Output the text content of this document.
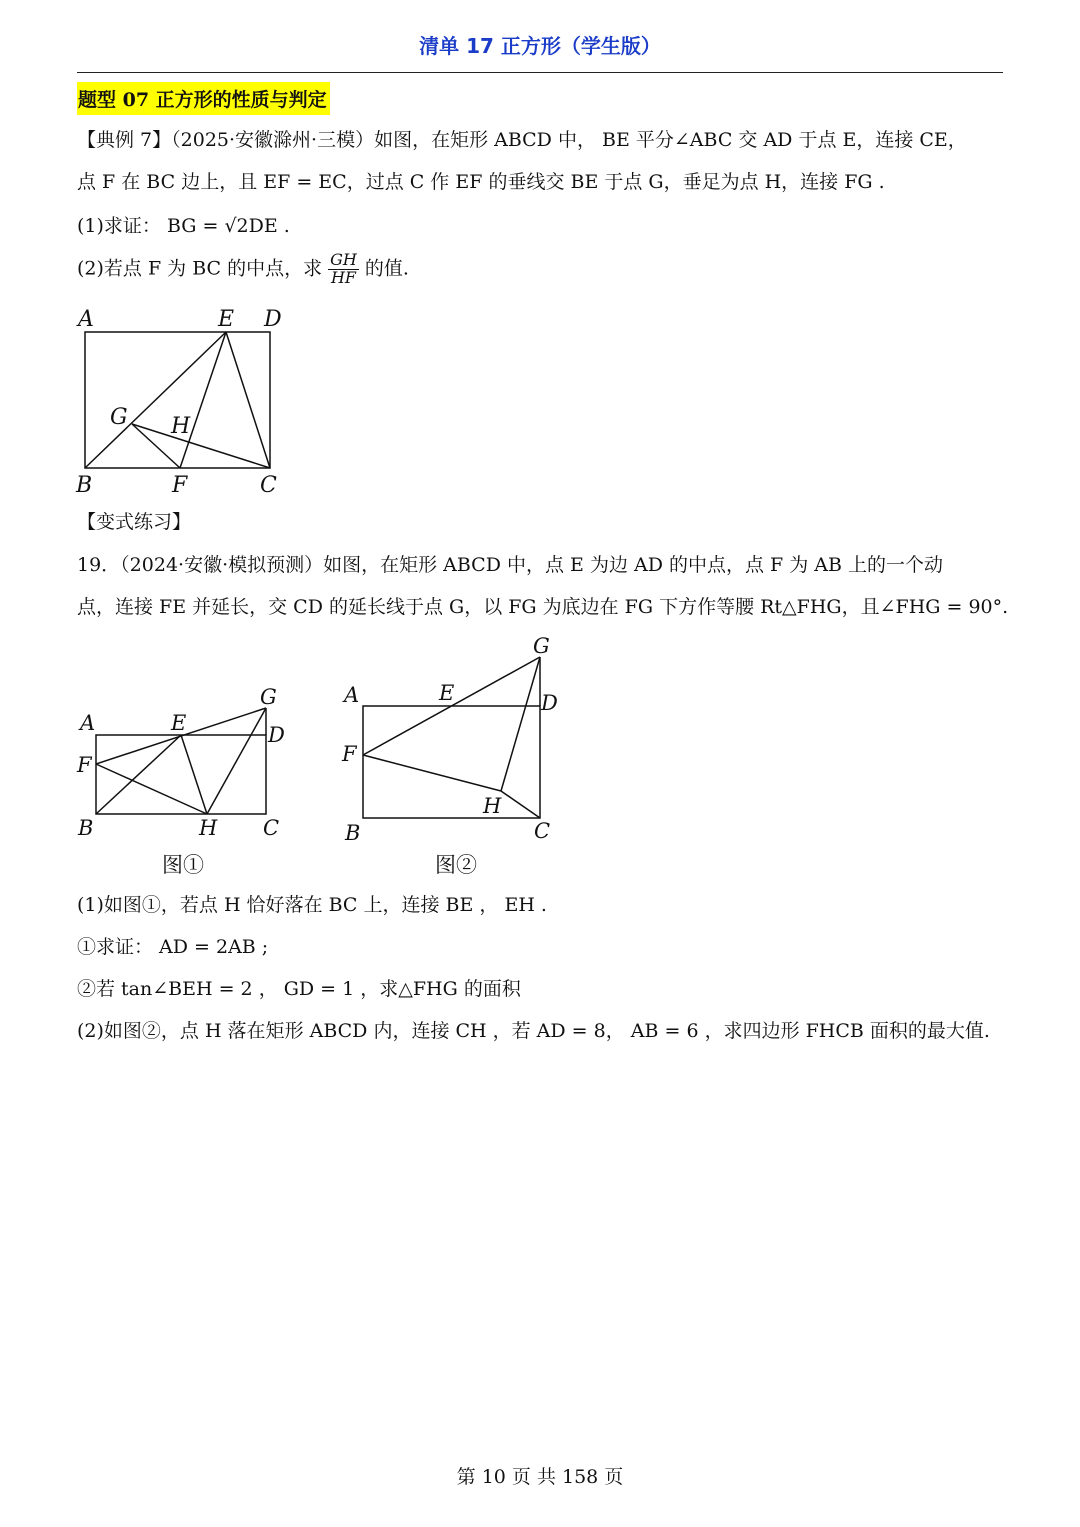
清单 17 正方形（学生版）
题型 07 正方形的性质与判定
【典例 7】（2025·安徽滁州·三模）如图，在矩形 ABCD 中， BE 平分∠ABC 交 AD 于点 E，连接 CE，
点 F 在 BC 边上，且 EF = EC，过点 C 作 EF 的垂线交 BE 于点 G，垂足为点 H，连接 FG .
(1)求证： BG = √2DE .
(2)若点 F 为 BC 的中点，求 $\frac{GH}{HF}$ 的值.
A	E D
G H
B	F	C
【变式练习】
19．（2024·安徽·模拟预测）如图，在矩形 ABCD 中，点 E 为边 AD 的中点，点 F 为 AB 上的一个动
点，连接 FE 并延长，交 CD 的延长线于点 G，以 FG 为底边在 FG 下方作等腰 Rt△FHG，且∠FHG = 90°.
A	E
G
D
F
B	H C
图①
A	E
G
D
F
H
B	C
图②
(1)如图①，若点 H 恰好落在 BC 上，连接 BE ， EH .
①求证： AD = 2AB ;
②若 tan∠BEH = 2 ， GD = 1 ，求△FHG 的面积
(2)如图②，点 H 落在矩形 ABCD 内，连接 CH ，若 AD = 8， AB = 6 ，求四边形 FHCB 面积的最大值.
第 10 页 共 158 页
